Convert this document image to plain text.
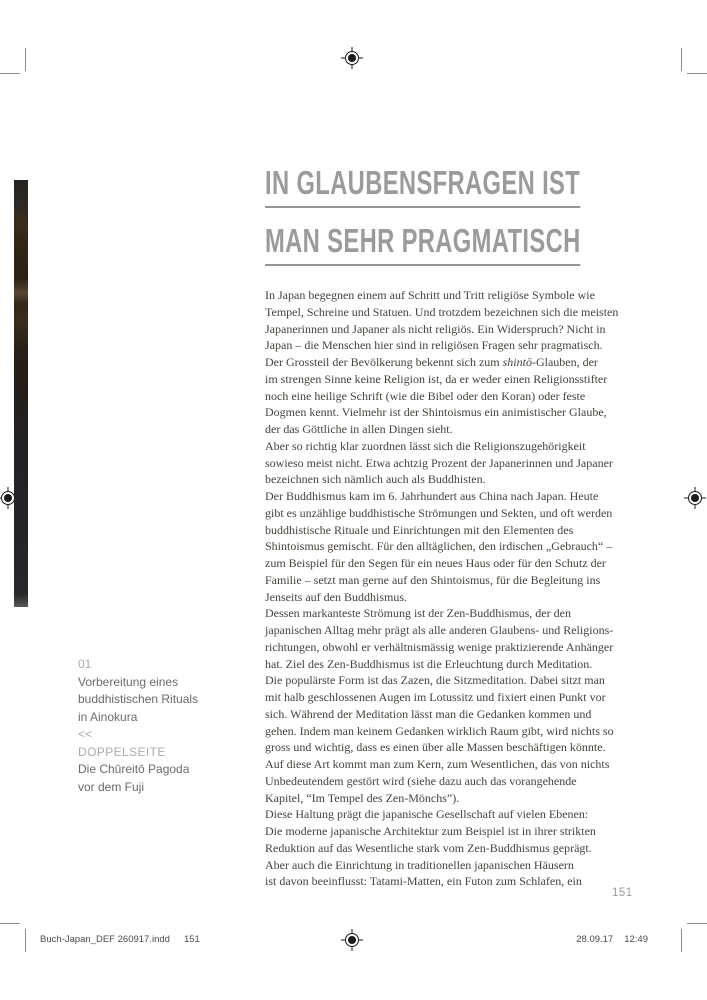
IN GLAUBENSFRAGEN IST
MAN SEHR PRAGMATISCH
In Japan begegnen einem auf Schritt und Tritt religiöse Symbole wie
Tempel, Schreine und Statuen. Und trotzdem bezeichnen sich die meisten
Japanerinnen und Japaner als nicht religiös. Ein Widerspruch? Nicht in
Japan – die Menschen hier sind in religiösen Fragen sehr pragmatisch.
Der Grossteil der Bevölkerung bekennt sich zum shintō-Glauben, der
im strengen Sinne keine Religion ist, da er weder einen Religionsstifter
noch eine heilige Schrift (wie die Bibel oder den Koran) oder feste
Dogmen kennt. Vielmehr ist der Shintoismus ein animistischer Glaube,
der das Göttliche in allen Dingen sieht.
Aber so richtig klar zuordnen lässt sich die Religionszugehörigkeit
sowieso meist nicht. Etwa achtzig Prozent der Japanerinnen und Japaner
bezeichnen sich nämlich auch als Buddhisten.
Der Buddhismus kam im 6. Jahrhundert aus China nach Japan. Heute
gibt es unzählige buddhistische Strömungen und Sekten, und oft werden
buddhistische Rituale und Einrichtungen mit den Elementen des
Shintoismus gemischt. Für den alltäglichen, den irdischen „Gebrauch“ –
zum Beispiel für den Segen für ein neues Haus oder für den Schutz der
Familie – setzt man gerne auf den Shintoismus, für die Begleitung ins
Jenseits auf den Buddhismus.
Dessen markanteste Strömung ist der Zen-Buddhismus, der den
japanischen Alltag mehr prägt als alle anderen Glaubens- und Religions-
richtungen, obwohl er verhältnismässig wenige praktizierende Anhänger
hat. Ziel des Zen-Buddhismus ist die Erleuchtung durch Meditation.
Die populärste Form ist das Zazen, die Sitzmeditation. Dabei sitzt man
mit halb geschlossenen Augen im Lotussitz und fixiert einen Punkt vor
sich. Während der Meditation lässt man die Gedanken kommen und
gehen. Indem man keinem Gedanken wirklich Raum gibt, wird nichts so
gross und wichtig, dass es einen über alle Massen beschäftigen könnte.
Auf diese Art kommt man zum Kern, zum Wesentlichen, das von nichts
Unbedeutendem gestört wird (siehe dazu auch das vorangehende
Kapitel, “Im Tempel des Zen-Mönchs”).
Diese Haltung prägt die japanische Gesellschaft auf vielen Ebenen:
Die moderne japanische Architektur zum Beispiel ist in ihrer strikten
Reduktion auf das Wesentliche stark vom Zen-Buddhismus geprägt.
Aber auch die Einrichtung in traditionellen japanischen Häusern
ist davon beeinflusst: Tatami-Matten, ein Futon zum Schlafen, ein
01
Vorbereitung eines
buddhistischen Rituals
in Ainokura
<<
DOPPELSEITE
Die Chūreitō Pagoda
vor dem Fuji
151
Buch-Japan_DEF 260917.indd 151	28.09.17 12:49
